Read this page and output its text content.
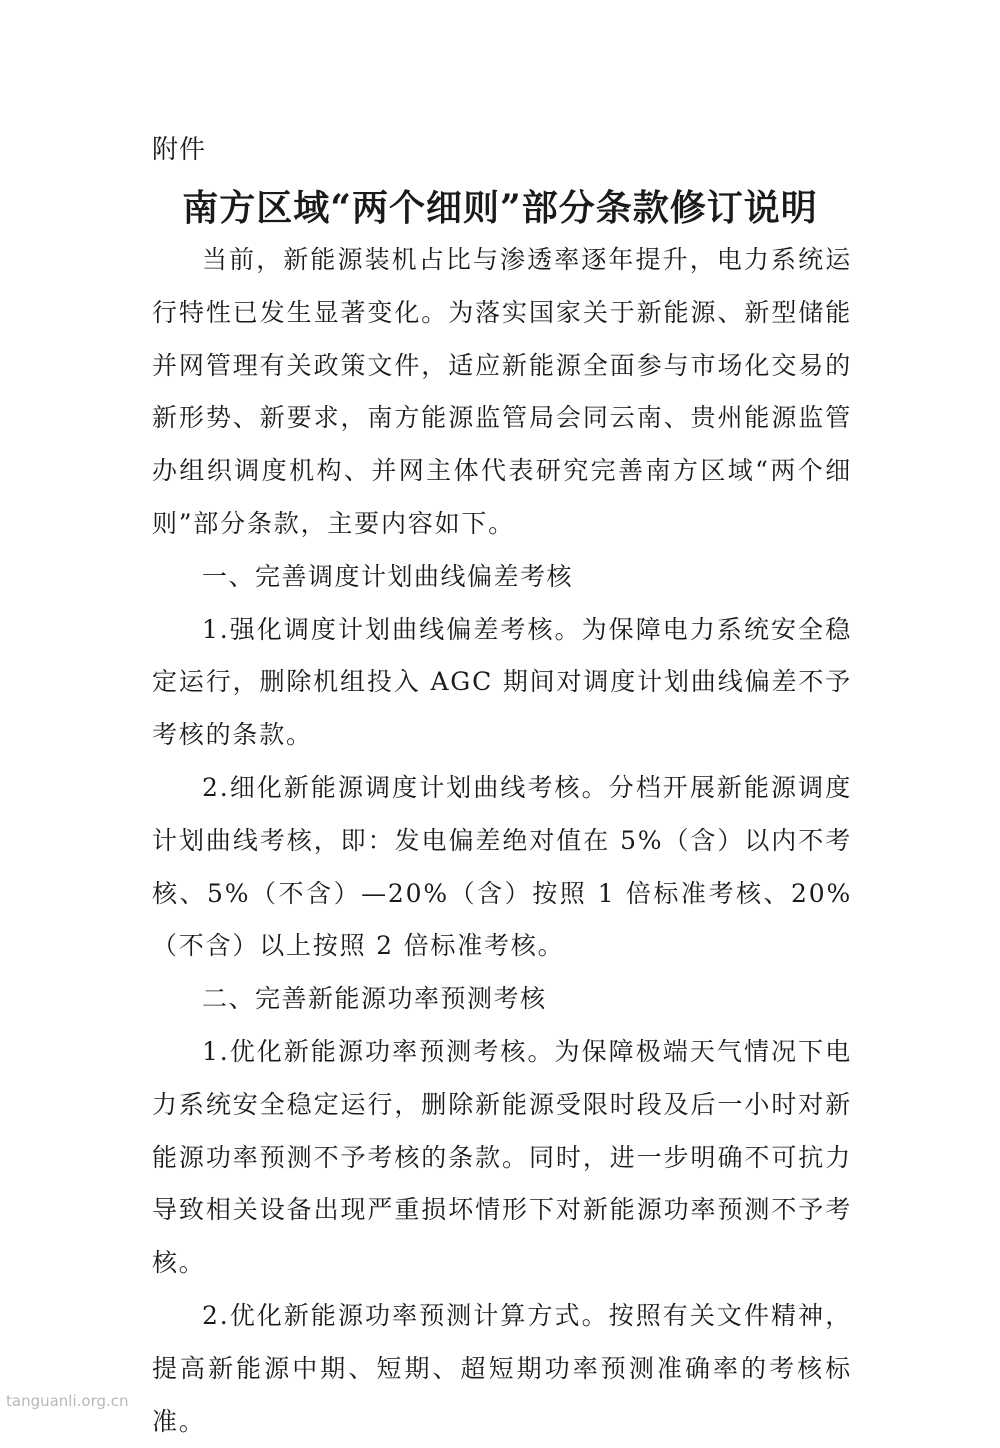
附件
南方区域“两个细则”部分条款修订说明

当前，新能源装机占比与渗透率逐年提升，电力系统运行特性已发生显著变化。为落实国家关于新能源、新型储能并网管理有关政策文件，适应新能源全面参与市场化交易的新形势、新要求，南方能源监管局会同云南、贵州能源监管办组织调度机构、并网主体代表研究完善南方区域“两个细则”部分条款，主要内容如下。

一、完善调度计划曲线偏差考核

1.强化调度计划曲线偏差考核。为保障电力系统安全稳定运行，删除机组投入 AGC 期间对调度计划曲线偏差不予考核的条款。

2.细化新能源调度计划曲线考核。分档开展新能源调度计划曲线考核，即：发电偏差绝对值在 5%（含）以内不考核、5%（不含）—20%（含）按照 1 倍标准考核、20%（不含）以上按照 2 倍标准考核。

二、完善新能源功率预测考核

1.优化新能源功率预测考核。为保障极端天气情况下电力系统安全稳定运行，删除新能源受限时段及后一小时对新能源功率预测不予考核的条款。同时，进一步明确不可抗力导致相关设备出现严重损坏情形下对新能源功率预测不予考核。

2.优化新能源功率预测计算方式。按照有关文件精神，提高新能源中期、短期、超短期功率预测准确率的考核标准。

tanguanli.org.cn
